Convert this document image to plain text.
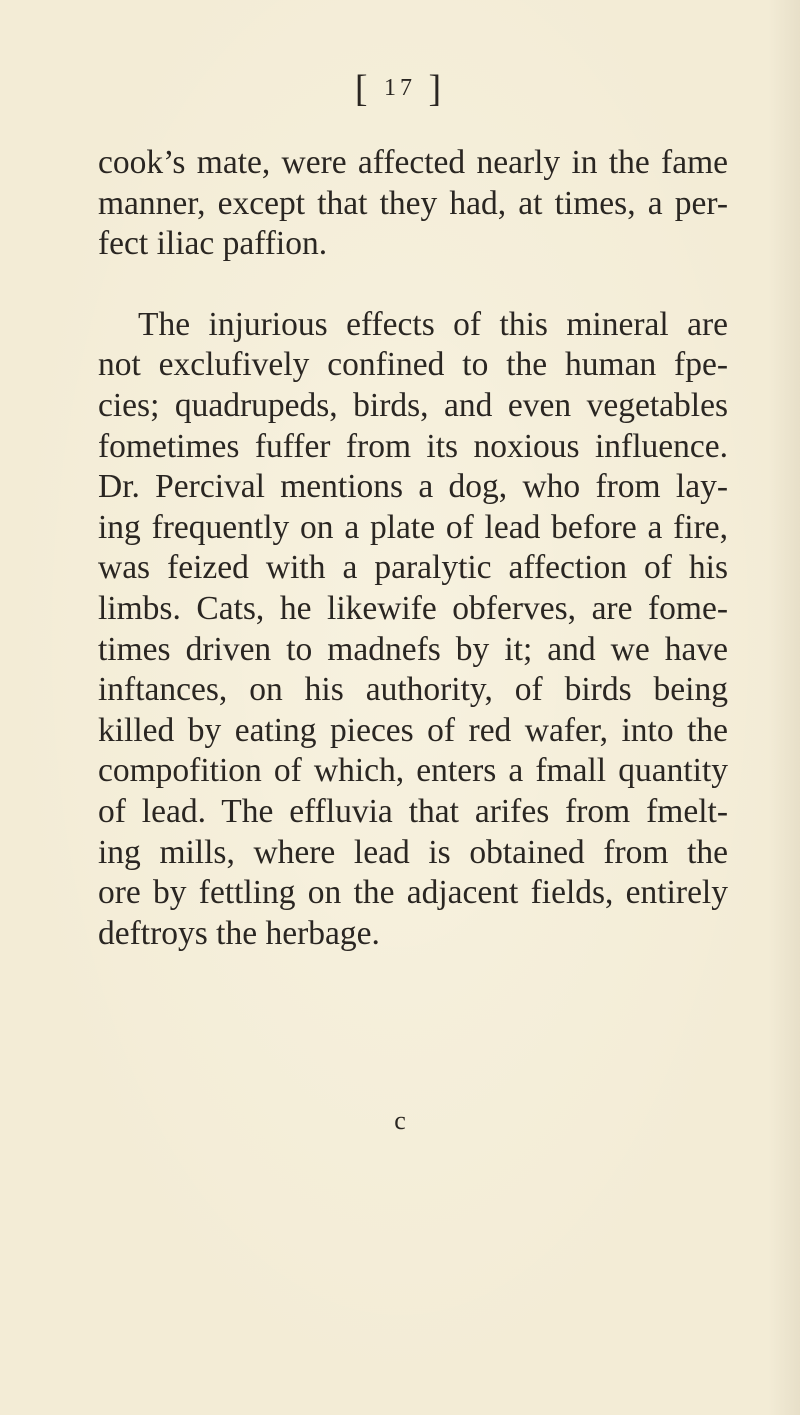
[ 17 ]
cook’s mate, were affected nearly in the fame
manner, except that they had, at times, a per-
fect iliac paffion.
The injurious effects of this mineral are
not exclufively confined to the human fpe-
cies; quadrupeds, birds, and even vegetables
fometimes fuffer from its noxious influence.
Dr. Percival mentions a dog, who from lay-
ing frequently on a plate of lead before a fire,
was feized with a paralytic affection of his
limbs. Cats, he likewife obferves, are fome-
times driven to madnefs by it; and we have
inftances, on his authority, of birds being
killed by eating pieces of red wafer, into the
compofition of which, enters a fmall quantity
of lead. The effluvia that arifes from fmelt-
ing mills, where lead is obtained from the
ore by fettling on the adjacent fields, entirely
deftroys the herbage.
c
